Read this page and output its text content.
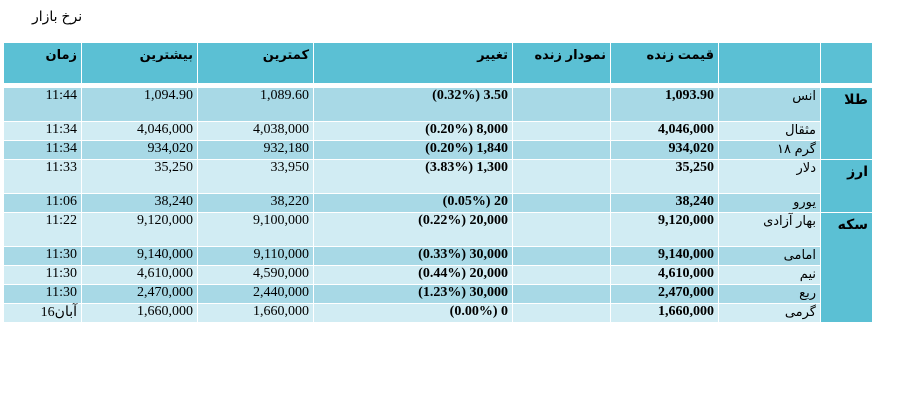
نرخ بازار
زمان	بیشترین	کمترین	تغییر	نمودار زنده	قیمت زنده		

11:44	1,094.90	1,089.60	(0.32%) 3.50		1,093.90	انس	طلا
11:34	4,046,000	4,038,000	(0.20%) 8,000		4,046,000	مثقال	
11:34	934,020	932,180	(0.20%) 1,840		934,020	گرم ۱۸	
11:33	35,250	33,950	(3.83%) 1,300		35,250	دلار	ارز
11:06	38,240	38,220	(0.05%) 20		38,240	یورو	
11:22	9,120,000	9,100,000	(0.22%) 20,000		9,120,000	بهار آزادی	سکه
11:30	9,140,000	9,110,000	(0.33%) 30,000		9,140,000	امامی	
11:30	4,610,000	4,590,000	(0.44%) 20,000		4,610,000	نیم	
11:30	2,470,000	2,440,000	(1.23%) 30,000		2,470,000	ربع	
16آبان	1,660,000	1,660,000	(0.00%) 0		1,660,000	گرمی	
